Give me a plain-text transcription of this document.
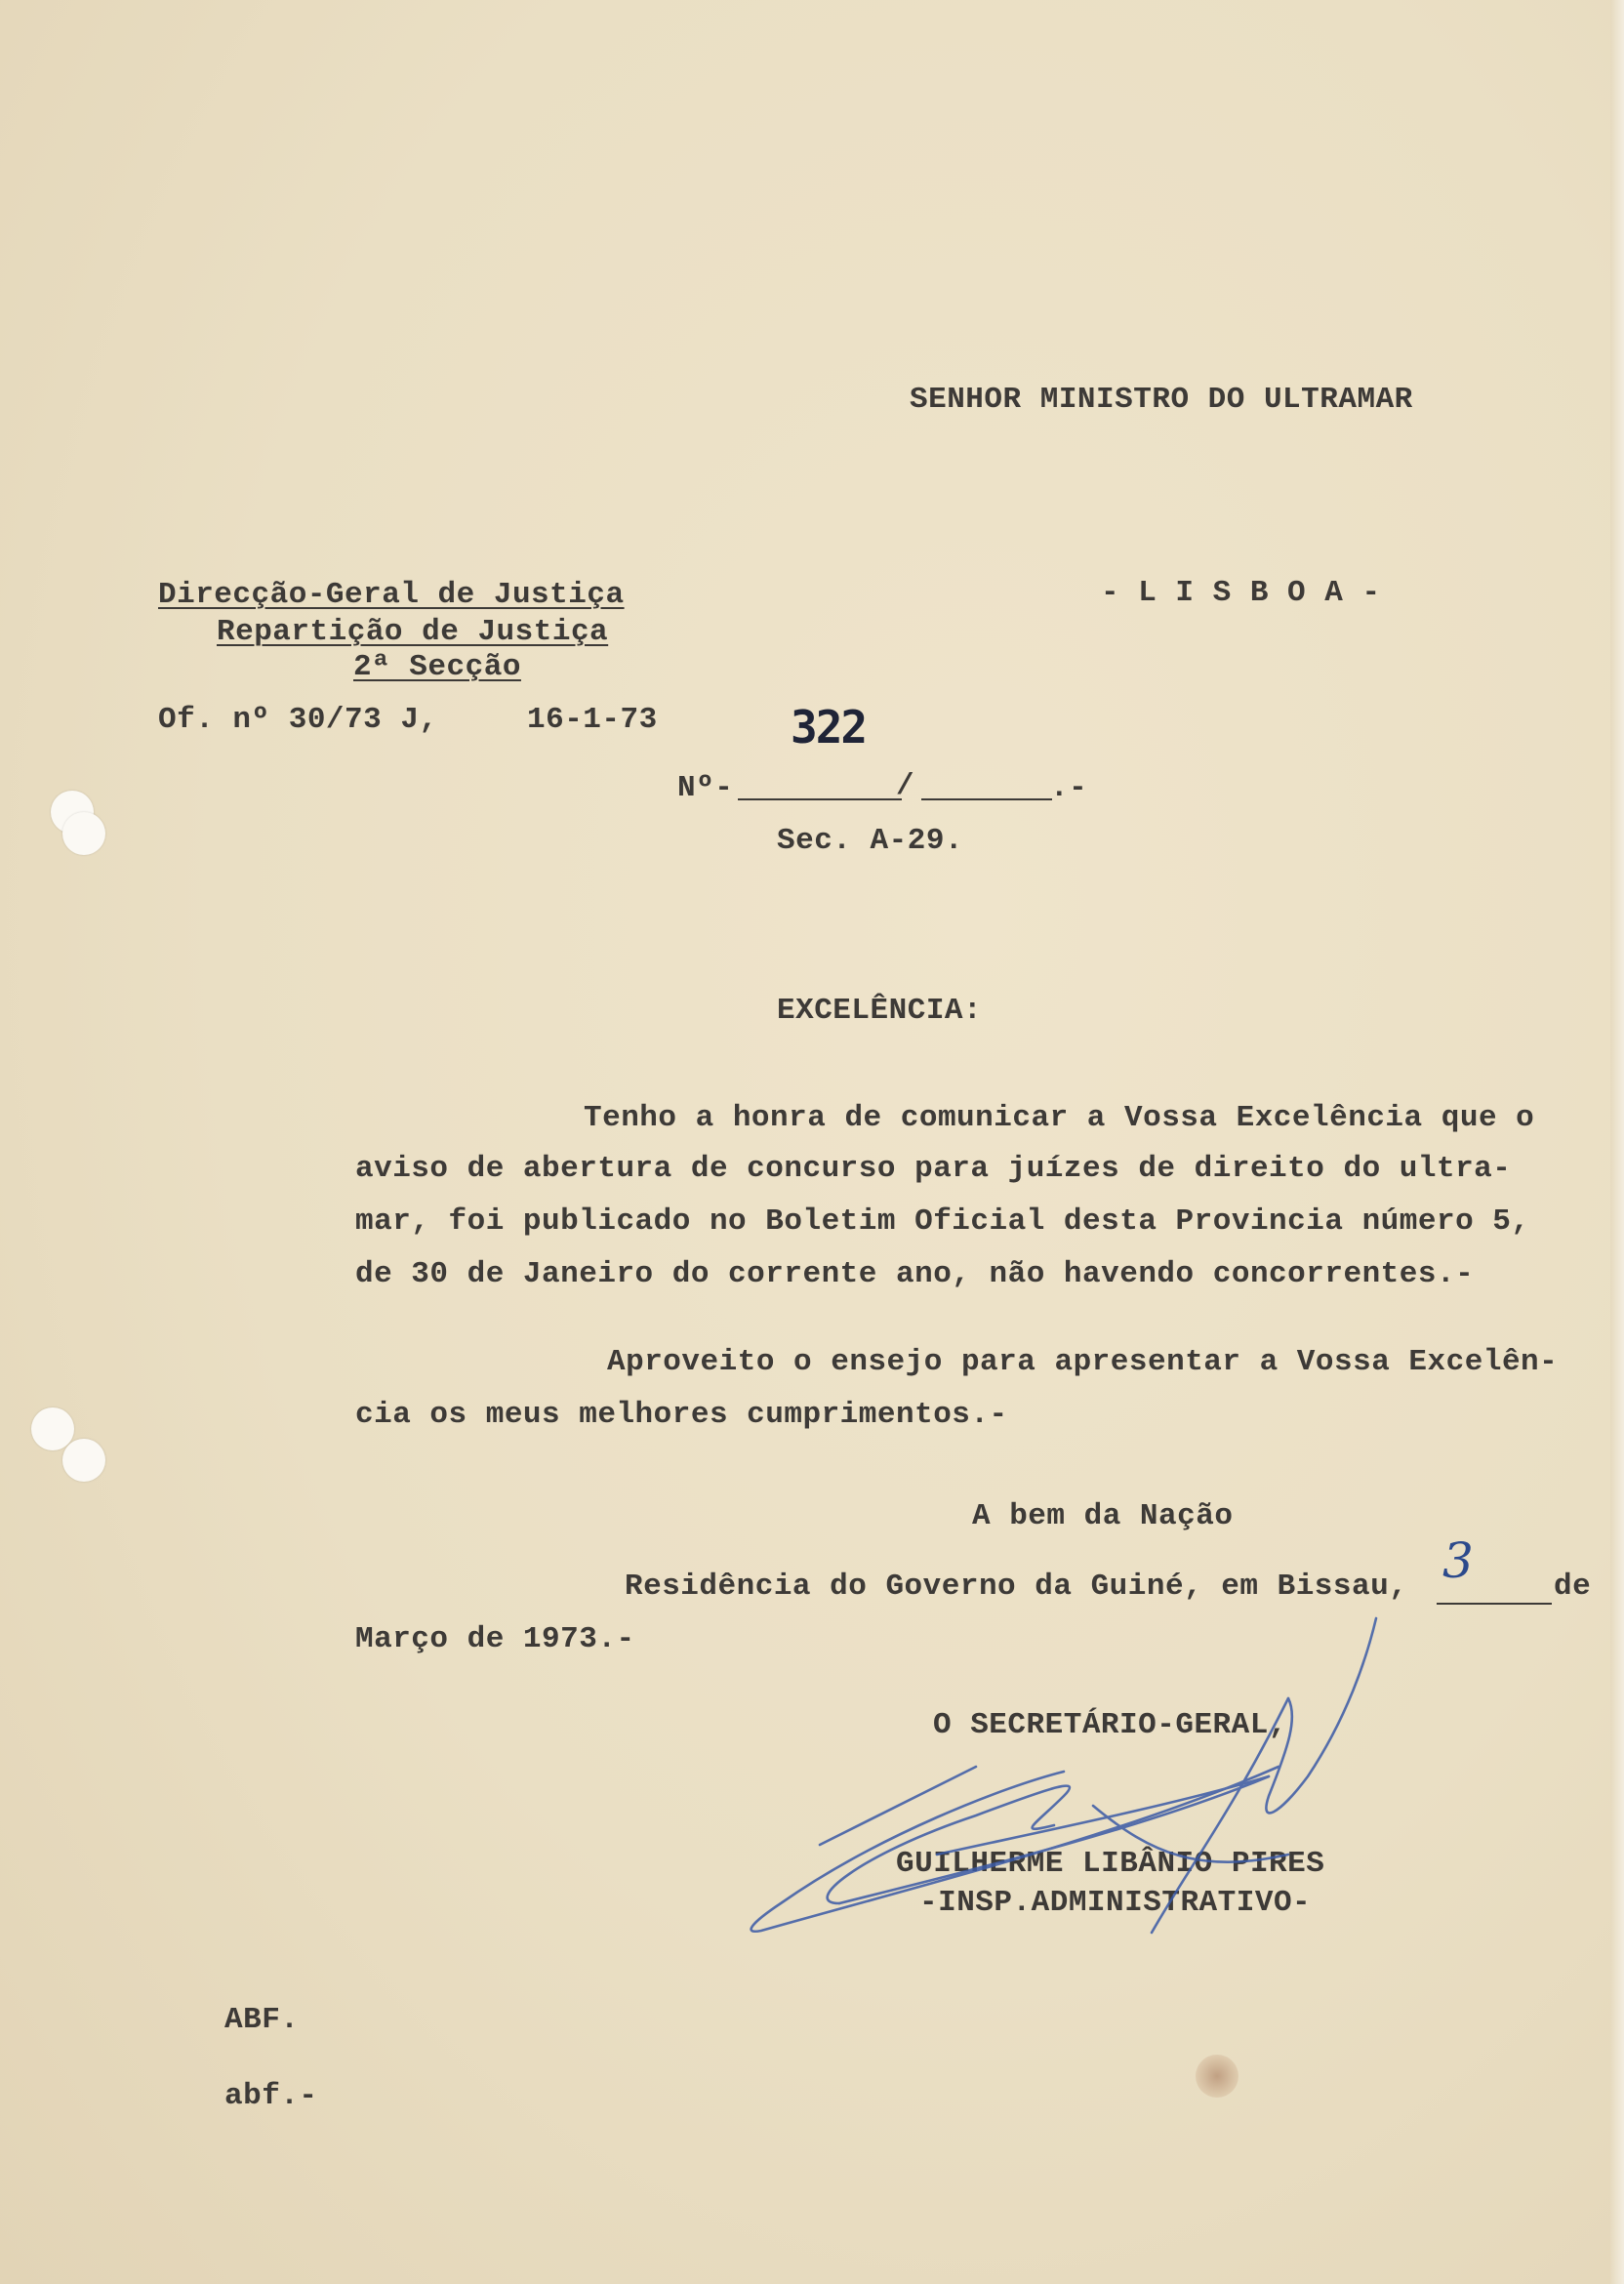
SENHOR MINISTRO DO ULTRAMAR
Direcção-Geral de Justiça
Repartição de Justiça
2ª Secção
- L I S B O A -
Of. nº 30/73 J,	16-1-73	322
Nº-	/	.-
Sec. A-29.
EXCELÊNCIA:
Tenho a honra de comunicar a Vossa Excelência que o
aviso de abertura de concurso para juízes de direito do ultra-
mar, foi publicado no Boletim Oficial desta Provincia número 5,
de 30 de Janeiro do corrente ano, não havendo concorrentes.-
Aproveito o ensejo para apresentar a Vossa Excelên-
cia os meus melhores cumprimentos.-
A bem da Nação
Residência do Governo da Guiné, em Bissau, 3	de
Março de 1973.-
O SECRETÁRIO-GERAL,
GUILHERME LIBÂNIO PIRES
-INSP.ADMINISTRATIVO-
ABF.
abf.-
